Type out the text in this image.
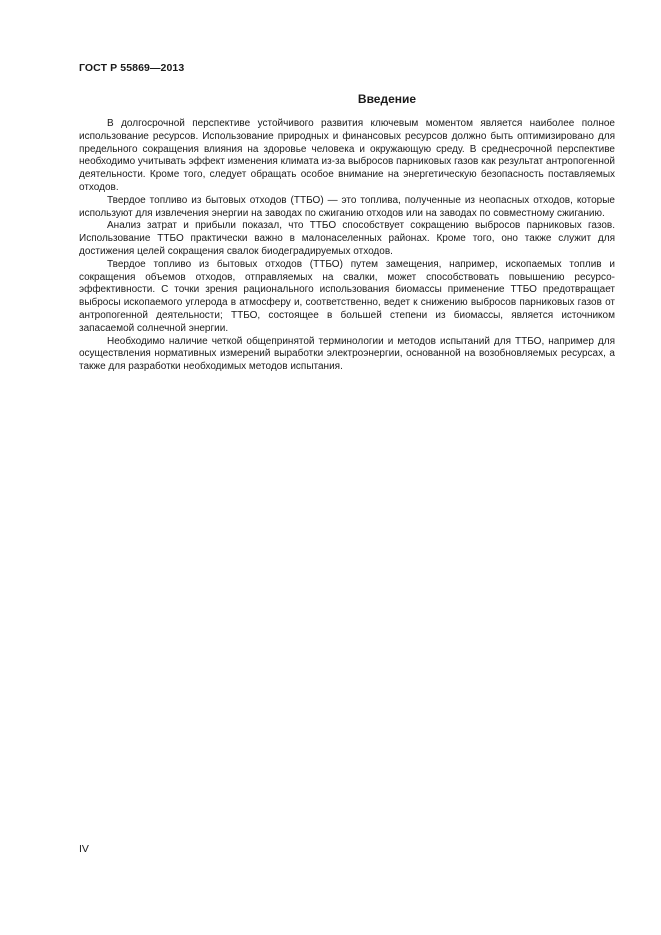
ГОСТ Р 55869—2013
Введение

В долгосрочной перспективе устойчивого развития ключевым моментом является наиболее полное использование ресурсов. Использование природных и финансовых ресурсов должно быть оптимизировано для предельного сокращения влияния на здоровье человека и окружающую среду. В среднесрочной перспективе необходимо учитывать эффект изменения климата из-за выбросов парниковых газов как результат антропогенной деятельности. Кроме того, следует обращать особое внимание на энергетическую безопасность поставляемых отходов.

Твердое топливо из бытовых отходов (ТТБО) — это топлива, полученные из неопасных отходов, которые используют для извлечения энергии на заводах по сжиганию отходов или на заводах по совместному сжиганию.

Анализ затрат и прибыли показал, что ТТБО способствует сокращению выбросов парниковых газов. Использование ТТБО практически важно в малонаселенных районах. Кроме того, оно также служит для достижения целей сокращения свалок биодеградируемых отходов.

Твердое топливо из бытовых отходов (ТТБО) путем замещения, например, ископаемых топлив и сокращения объемов отходов, отправляемых на свалки, может способствовать повышению ресурсоэффективности. С точки зрения рационального использования биомассы применение ТТБО предотвращает выбросы ископаемого углерода в атмосферу и, соответственно, ведет к снижению выбросов парниковых газов от антропогенной деятельности; ТТБО, состоящее в большей степени из биомассы, является источником запасаемой солнечной энергии.

Необходимо наличие четкой общепринятой терминологии и методов испытаний для ТТБО, например для осуществления нормативных измерений выработки электроэнергии, основанной на возобновляемых ресурсах, а также для разработки необходимых методов испытания.

IV
